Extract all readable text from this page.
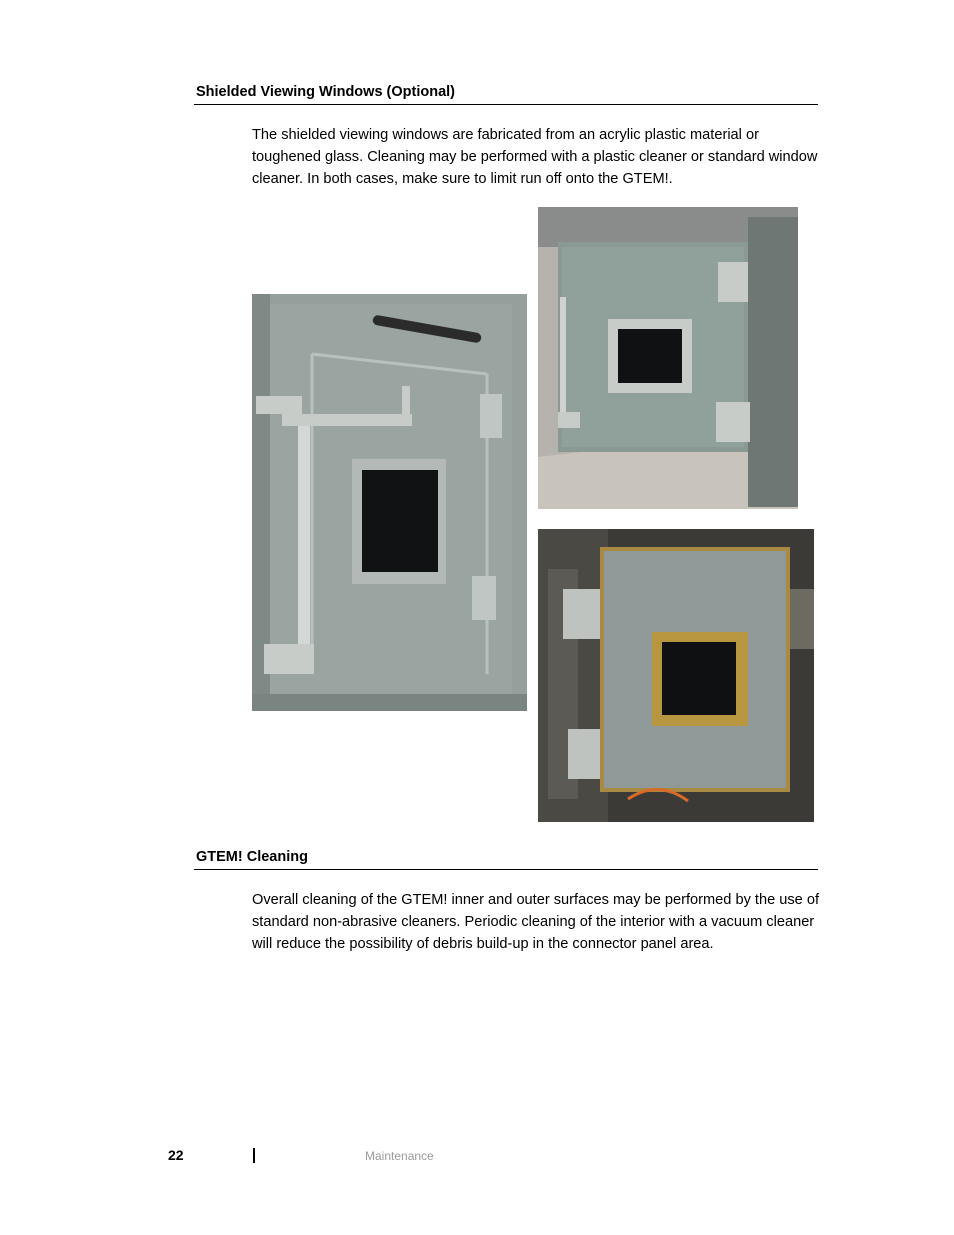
Shielded Viewing Windows (Optional)

The shielded viewing windows are fabricated from an acrylic plastic material or toughened glass. Cleaning may be performed with a plastic cleaner or standard window cleaner. In both cases, make sure to limit run off onto the GTEM!.

GTEM! Cleaning

Overall cleaning of the GTEM! inner and outer surfaces may be performed by the use of standard non-abrasive cleaners. Periodic cleaning of the interior with a vacuum cleaner will reduce the possibility of debris build-up in the connector panel area.

22	Maintenance
